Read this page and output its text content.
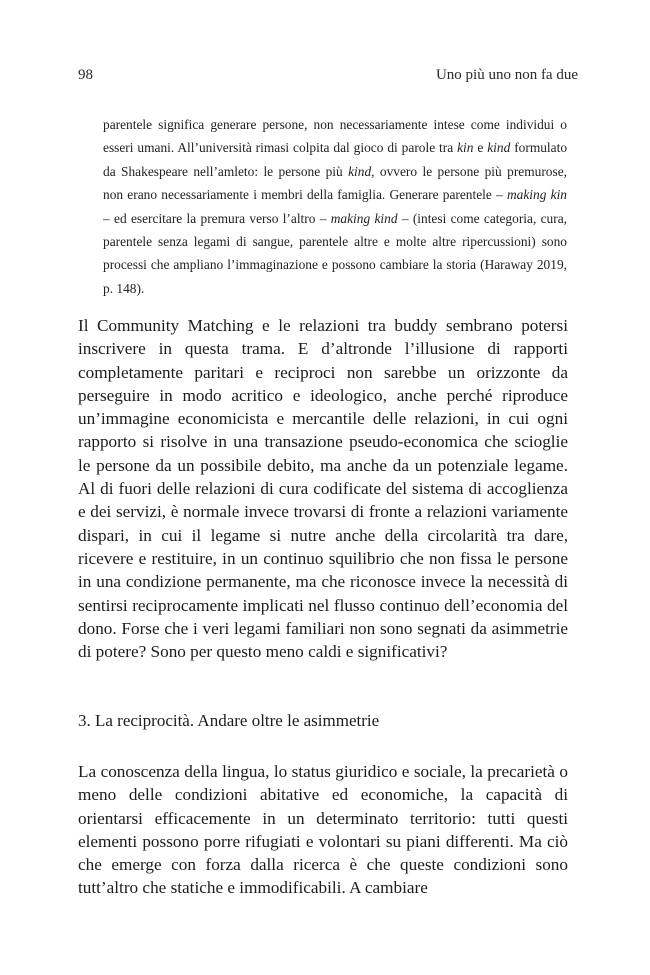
98	Uno più uno non fa due

parentele significa generare persone, non necessariamente intese come individui o esseri umani. All’università rimasi colpita dal gioco di parole tra kin e kind formulato da Shakespeare nell’amleto: le persone più kind, ovvero le persone più premurose, non erano necessariamente i membri della famiglia. Generare parentele – making kin – ed esercitare la premura verso l’altro – making kind – (intesi come categoria, cura, parentele senza legami di sangue, parentele altre e molte altre ripercussioni) sono processi che ampliano l’immaginazione e possono cambiare la storia (Haraway 2019, p. 148).

Il Community Matching e le relazioni tra buddy sembrano potersi inscrivere in questa trama. E d’altronde l’illusione di rapporti completamente paritari e reciproci non sarebbe un orizzonte da perseguire in modo acritico e ideologico, anche perché riproduce un’immagine economicista e mercantile delle relazioni, in cui ogni rapporto si risolve in una transazione pseudo-economica che scioglie le persone da un possibile debito, ma anche da un potenziale legame. Al di fuori delle relazioni di cura codificate del sistema di accoglienza e dei servizi, è normale invece trovarsi di fronte a relazioni variamente dispari, in cui il legame si nutre anche della circolarità tra dare, ricevere e restituire, in un continuo squilibrio che non fissa le persone in una condizione permanente, ma che riconosce invece la necessità di sentirsi reciprocamente implicati nel flusso continuo dell’economia del dono. Forse che i veri legami familiari non sono segnati da asimmetrie di potere? Sono per questo meno caldi e significativi?

3. La reciprocità. Andare oltre le asimmetrie

La conoscenza della lingua, lo status giuridico e sociale, la precarietà o meno delle condizioni abitative ed economiche, la capacità di orientarsi efficacemente in un determinato territorio: tutti questi elementi possono porre rifugiati e volontari su piani differenti. Ma ciò che emerge con forza dalla ricerca è che queste condizioni sono tutt’altro che statiche e immodificabili. A cambiare
